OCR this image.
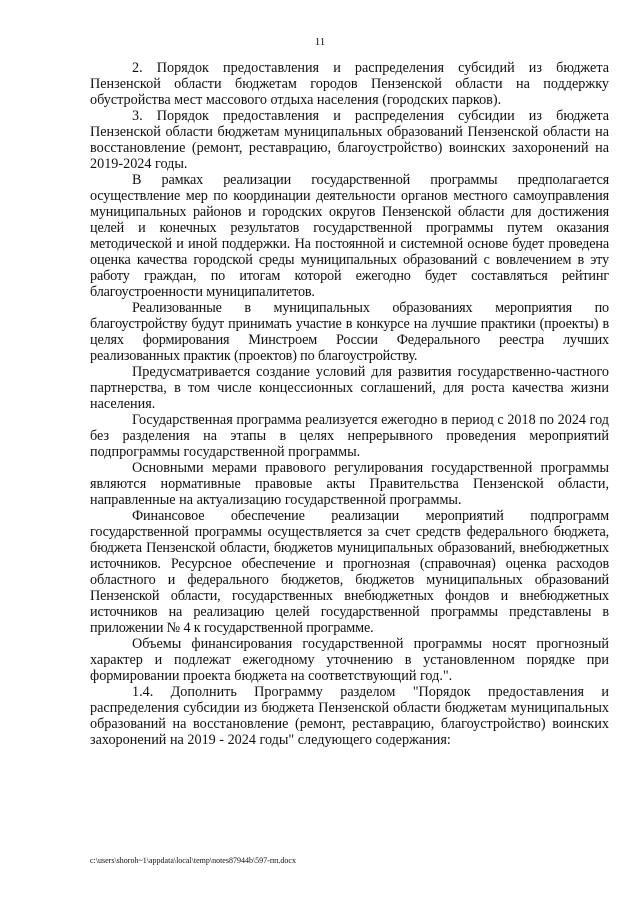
11

2. Порядок предоставления и распределения субсидий из бюджета Пензенской области бюджетам городов Пензенской области на поддержку обустройства мест массового отдыха населения (городских парков).

3. Порядок предоставления и распределения субсидии из бюджета Пензенской области бюджетам муниципальных образований Пензенской области на восстановление (ремонт, реставрацию, благоустройство) воинских захоронений на 2019-2024 годы.

В рамках реализации государственной программы предполагается осуществление мер по координации деятельности органов местного самоуправления муниципальных районов и городских округов Пензенской области для достижения целей и конечных результатов государственной программы путем оказания методической и иной поддержки. На постоянной и системной основе будет проведена оценка качества городской среды муниципальных образований с вовлечением в эту работу граждан, по итогам которой ежегодно будет составляться рейтинг благоустроенности муниципалитетов.

Реализованные в муниципальных образованиях мероприятия по благоустройству будут принимать участие в конкурсе на лучшие практики (проекты) в целях формирования Минстроем России Федерального реестра лучших реализованных практик (проектов) по благоустройству.

Предусматривается создание условий для развития государственно-частного партнерства, в том числе концессионных соглашений, для роста качества жизни населения.

Государственная программа реализуется ежегодно в период с 2018 по 2024 год без разделения на этапы в целях непрерывного проведения мероприятий подпрограммы государственной программы.

Основными мерами правового регулирования государственной программы являются нормативные правовые акты Правительства Пензенской области, направленные на актуализацию государственной программы.

Финансовое обеспечение реализации мероприятий подпрограмм государственной программы осуществляется за счет средств федерального бюджета, бюджета Пензенской области, бюджетов муниципальных образований, внебюджетных источников. Ресурсное обеспечение и прогнозная (справочная) оценка расходов областного и федерального бюджетов, бюджетов муниципальных образований Пензенской области, государственных внебюджетных фондов и внебюджетных источников на реализацию целей государственной программы представлены в приложении № 4 к государственной программе.

Объемы финансирования государственной программы носят прогнозный характер и подлежат ежегодному уточнению в установленном порядке при формировании проекта бюджета на соответствующий год.".

1.4. Дополнить Программу разделом "Порядок предоставления и распределения субсидии из бюджета Пензенской области бюджетам муниципальных образований на восстановление (ремонт, реставрацию, благоустройство) воинских захоронений на 2019 - 2024 годы" следующего содержания:

c:\users\shoroh~1\appdata\local\temp\notes87944b\597-пп.docx
